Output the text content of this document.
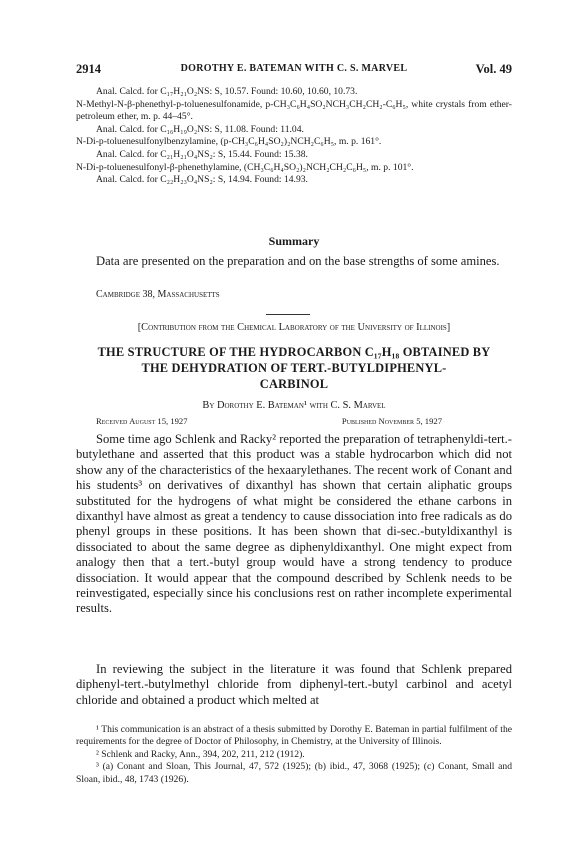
2914	DOROTHY E. BATEMAN WITH C. S. MARVEL	Vol. 49
Anal. Calcd. for C₁₇H₂₁O₂NS: S, 10.57. Found: 10.60, 10.60, 10.73.
N-Methyl-N-β-phenethyl-p-toluenesulfonamide, p-CH₃C₆H₄SO₂NCH₃CH₂CH₂-C₆H₅, white crystals from ether-petroleum ether, m. p. 44–45°.
Anal. Calcd. for C₁₆H₁₉O₂NS: S, 11.08. Found: 11.04.
N-Di-p-toluenesulfonylbenzylamine, (p-CH₃C₆H₄SO₂)₂NCH₂C₆H₅, m. p. 161°.
Anal. Calcd. for C₂₁H₂₁O₄NS₂: S, 15.44. Found: 15.38.
N-Di-p-toluenesulfonyl-β-phenethylamine, (CH₃C₆H₄SO₂)₂NCH₂CH₂C₆H₅, m. p. 101°.
Anal. Calcd. for C₂₂H₂₃O₄NS₂: S, 14.94. Found: 14.93.
Summary
Data are presented on the preparation and on the base strengths of some amines.
Cambridge 38, Massachusetts
[Contribution from the Chemical Laboratory of the University of Illinois]
THE STRUCTURE OF THE HYDROCARBON C₁₇H₁₈ OBTAINED BY
THE DEHYDRATION OF TERT.-BUTYLDIPHENYL-
CARBINOL
By Dorothy E. Bateman¹ with C. S. Marvel
Received August 15, 1927	Published November 5, 1927
Some time ago Schlenk and Racky² reported the preparation of tetraphenyldi-tert.-butylethane and asserted that this product was a stable hydrocarbon which did not show any of the characteristics of the hexaarylethanes. The recent work of Conant and his students³ on derivatives of dixanthyl has shown that certain aliphatic groups substituted for the hydrogens of what might be considered the ethane carbons in dixanthyl have almost as great a tendency to cause dissociation into free radicals as do phenyl groups in these positions. It has been shown that di-sec.-butyldixanthyl is dissociated to about the same degree as diphenyldixanthyl. One might expect from analogy then that a tert.-butyl group would have a strong tendency to produce dissociation. It would appear that the compound described by Schlenk needs to be reinvestigated, especially since his conclusions rest on rather incomplete experimental results.
In reviewing the subject in the literature it was found that Schlenk prepared diphenyl-tert.-butylmethyl chloride from diphenyl-tert.-butyl carbinol and acetyl chloride and obtained a product which melted at
¹ This communication is an abstract of a thesis submitted by Dorothy E. Bateman in partial fulfilment of the requirements for the degree of Doctor of Philosophy, in Chemistry, at the University of Illinois.
² Schlenk and Racky, Ann., 394, 202, 211, 212 (1912).
³ (a) Conant and Sloan, This Journal, 47, 572 (1925); (b) ibid., 47, 3068 (1925); (c) Conant, Small and Sloan, ibid., 48, 1743 (1926).
